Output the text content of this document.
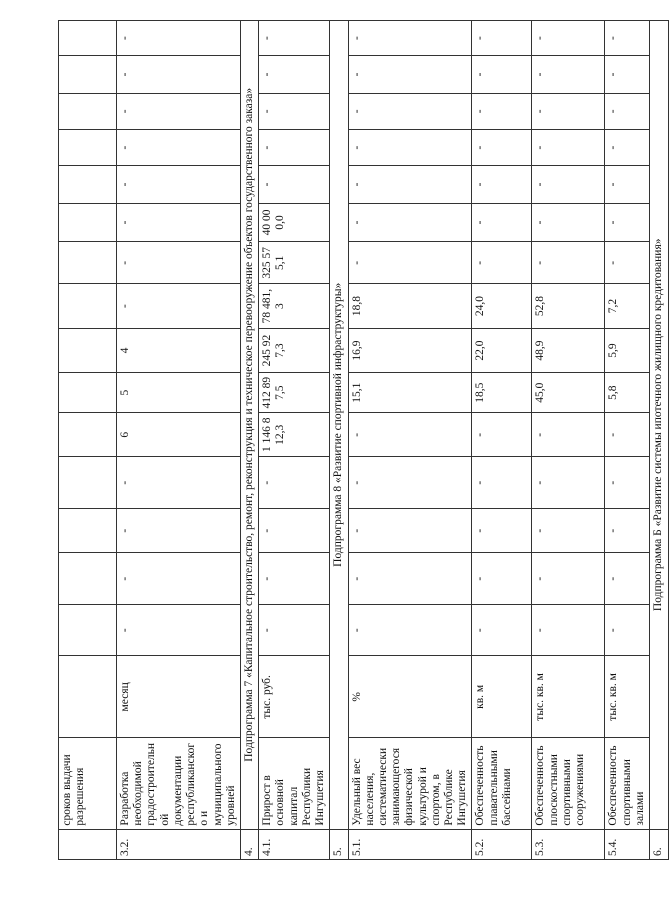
	сроков выдачи разрешения																
3.2.	Разработка необходимой градостроительной документации республиканского и муниципального уровней	месяц	-	-	-	-	6	5	4	-	-	-	-	-	-	-	-
4.	Подпрограмма 7 «Капитальное строительство, ремонт, реконструкция и техническое перевооружение объектов государственного заказа»																
4.1.	Прирост в основной капитал Республики Ингушетия	тыс. руб.	-	-	-	-	1 146 812,3	412 897,5	245 927,3	78 481,3	325 575,1	40 000,0	-	-	-	-	-
5.	Подпрограмма 8 «Развитие спортивной инфраструктуры»																
5.1.	Удельный вес населения, систематически занимающегося физической культурой и спортом, в Республике Ингушетия	%	-	-	-	-	-	15,1	16,9	18,8	-	-	-	-	-	-	-
5.2.	Обеспеченность плавательными бассейнами	кв. м	-	-	-	-	-	18,5	22,0	24,0	-	-	-	-	-	-	-
5.3.	Обеспеченность плоскостными спортивными сооружениями	тыс. кв. м	-	-	-	-	-	45,0	48,9	52,8	-	-	-	-	-	-	-
5.4.	Обеспеченность спортивными залами	тыс. кв. м	-	-	-	-	-	5,8	5,9	7,2	-	-	-	-	-	-	-
6.	Подпрограмма Б «Развитие системы ипотечного жилищного кредитования»																
